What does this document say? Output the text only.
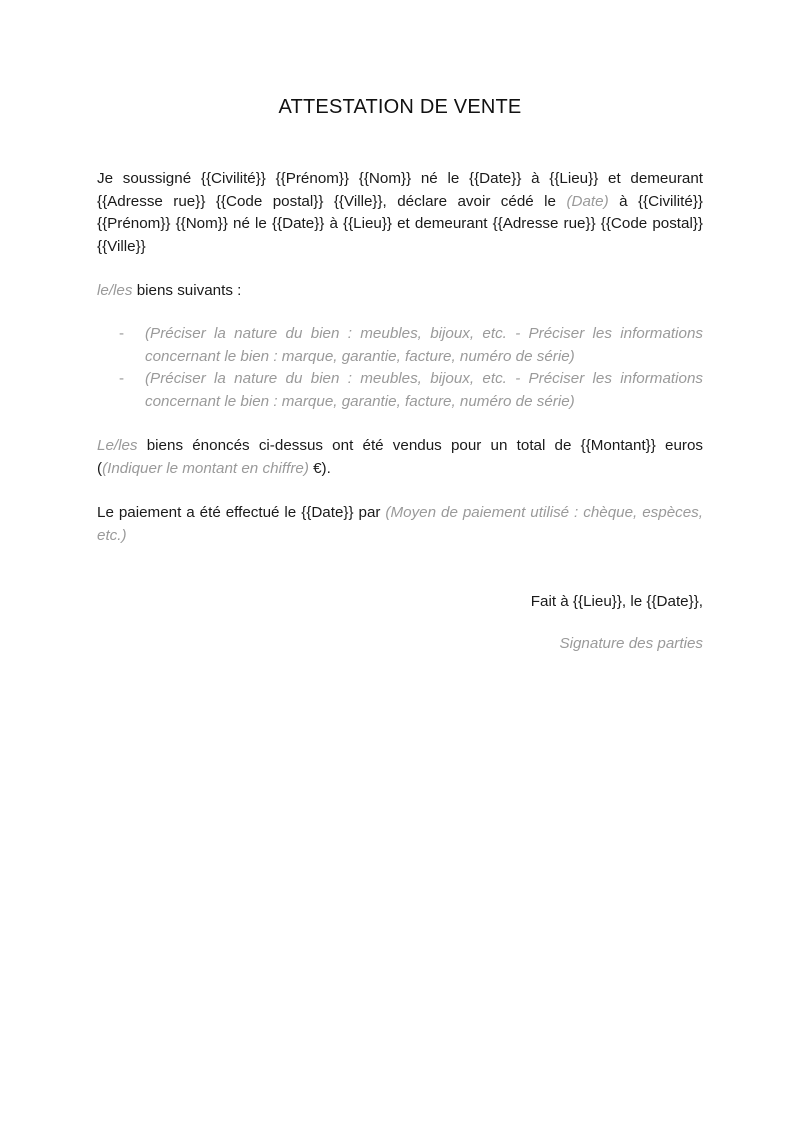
ATTESTATION DE VENTE
Je soussigné {{Civilité}} {{Prénom}} {{Nom}} né le {{Date}} à {{Lieu}} et demeurant {{Adresse rue}} {{Code postal}} {{Ville}}, déclare avoir cédé le (Date) à {{Civilité}} {{Prénom}} {{Nom}} né le {{Date}} à {{Lieu}} et demeurant {{Adresse rue}} {{Code postal}} {{Ville}}
le/les biens suivants :
- (Préciser la nature du bien : meubles, bijoux, etc. - Préciser les informations concernant le bien : marque, garantie, facture, numéro de série)
- (Préciser la nature du bien : meubles, bijoux, etc. - Préciser les informations concernant le bien : marque, garantie, facture, numéro de série)
Le/les biens énoncés ci-dessus ont été vendus pour un total de {{Montant}} euros ((Indiquer le montant en chiffre) €).
Le paiement a été effectué le {{Date}} par (Moyen de paiement utilisé : chèque, espèces, etc.)
Fait à {{Lieu}}, le {{Date}},
Signature des parties
